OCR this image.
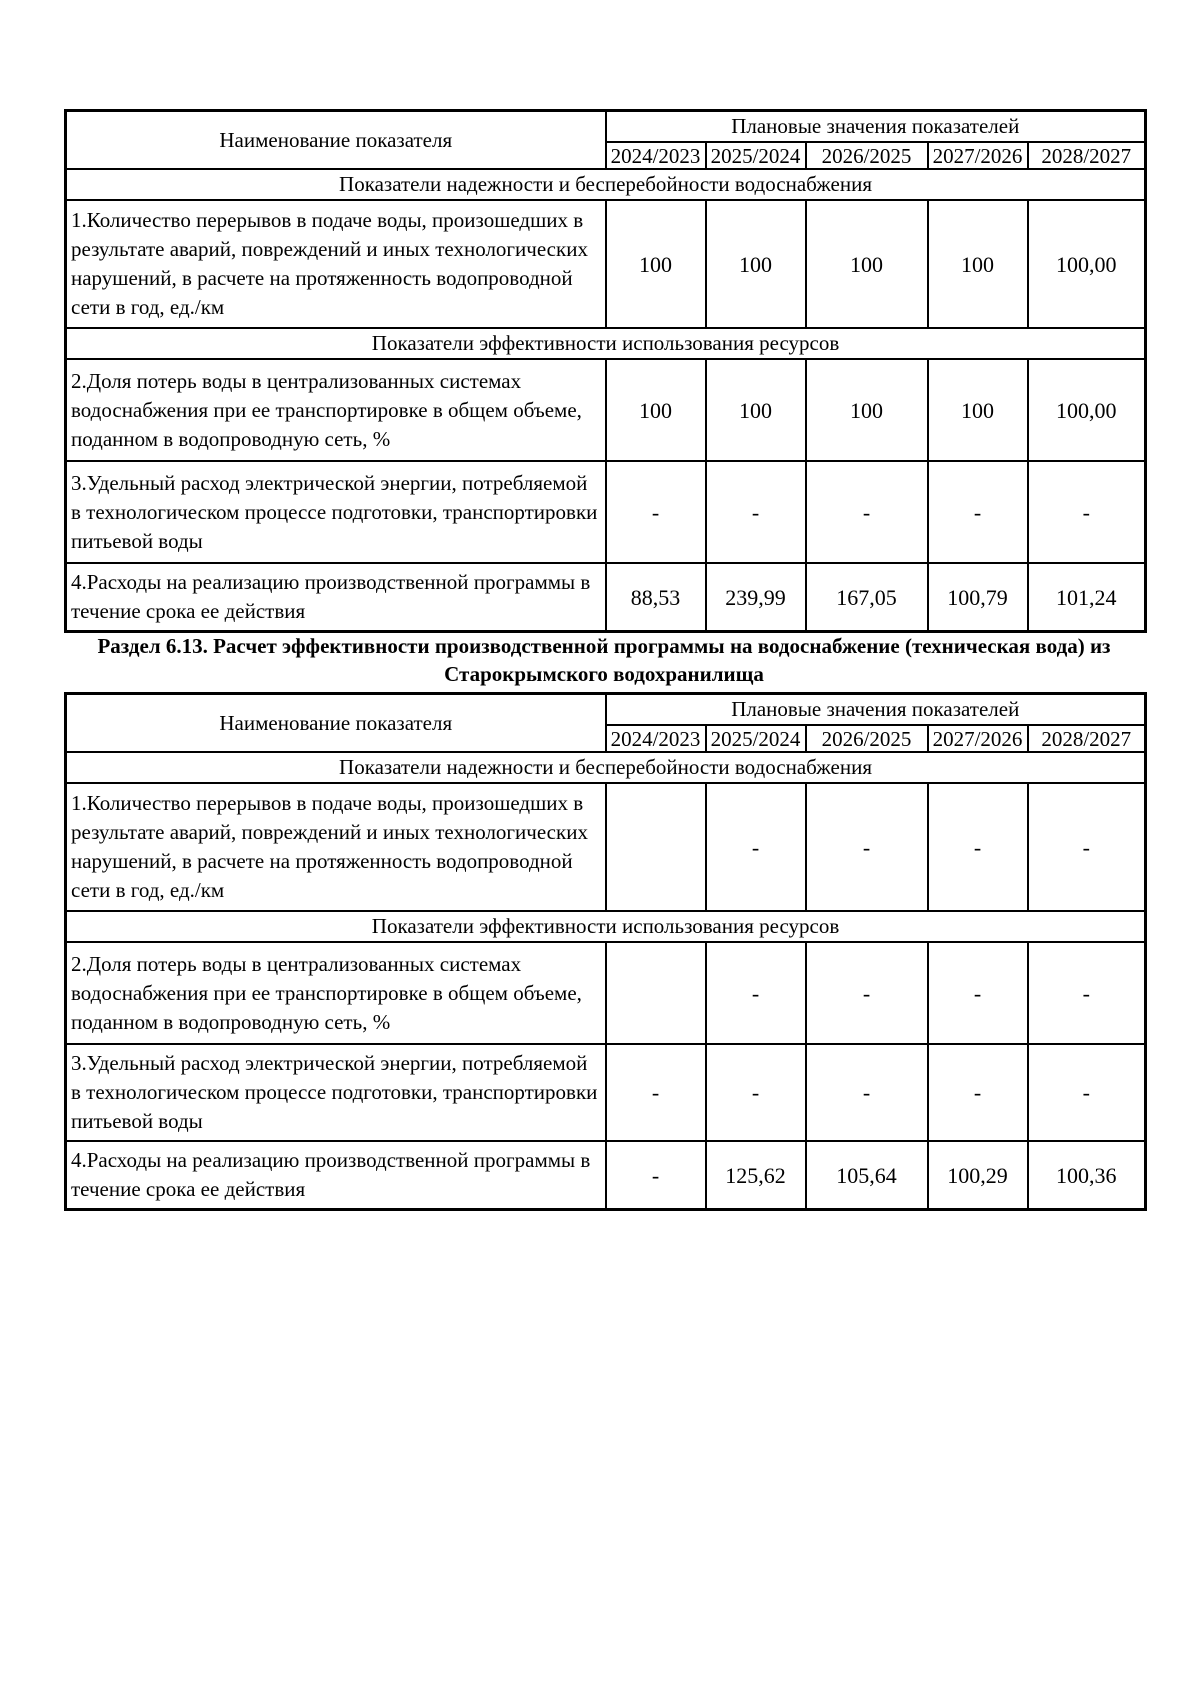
Наименование показателя	Плановые значения показателей				
	2024/2023	2025/2024	2026/2025	2027/2026	2028/2027
Показатели надежности и бесперебойности водоснабжения					
1.Количество перерывов в подаче воды, произошедших в результате аварий, повреждений и иных технологических нарушений, в расчете на протяженность водопроводной сети в год, ед./км	100	100	100	100	100,00
Показатели эффективности использования ресурсов					
2.Доля потерь воды в централизованных системах водоснабжения при ее транспортировке в общем объеме, поданном в водопроводную сеть, %	100	100	100	100	100,00
3.Удельный расход электрической энергии, потребляемой в технологическом процессе подготовки, транспортировки питьевой воды	-	-	-	-	-
4.Расходы на реализацию производственной программы в течение срока ее действия	88,53	239,99	167,05	100,79	101,24
Раздел 6.13. Расчет эффективности производственной программы на водоснабжение (техническая вода) из Старокрымского водохранилища
Наименование показателя	Плановые значения показателей				
	2024/2023	2025/2024	2026/2025	2027/2026	2028/2027
Показатели надежности и бесперебойности водоснабжения					
1.Количество перерывов в подаче воды, произошедших в результате аварий, повреждений и иных технологических нарушений, в расчете на протяженность водопроводной сети в год, ед./км		-	-	-	-
Показатели эффективности использования ресурсов					
2.Доля потерь воды в централизованных системах водоснабжения при ее транспортировке в общем объеме, поданном в водопроводную сеть, %		-	-	-	-
3.Удельный расход электрической энергии, потребляемой в технологическом процессе подготовки, транспортировки питьевой воды	-	-	-	-	-
4.Расходы на реализацию производственной программы в течение срока ее действия	-	125,62	105,64	100,29	100,36
